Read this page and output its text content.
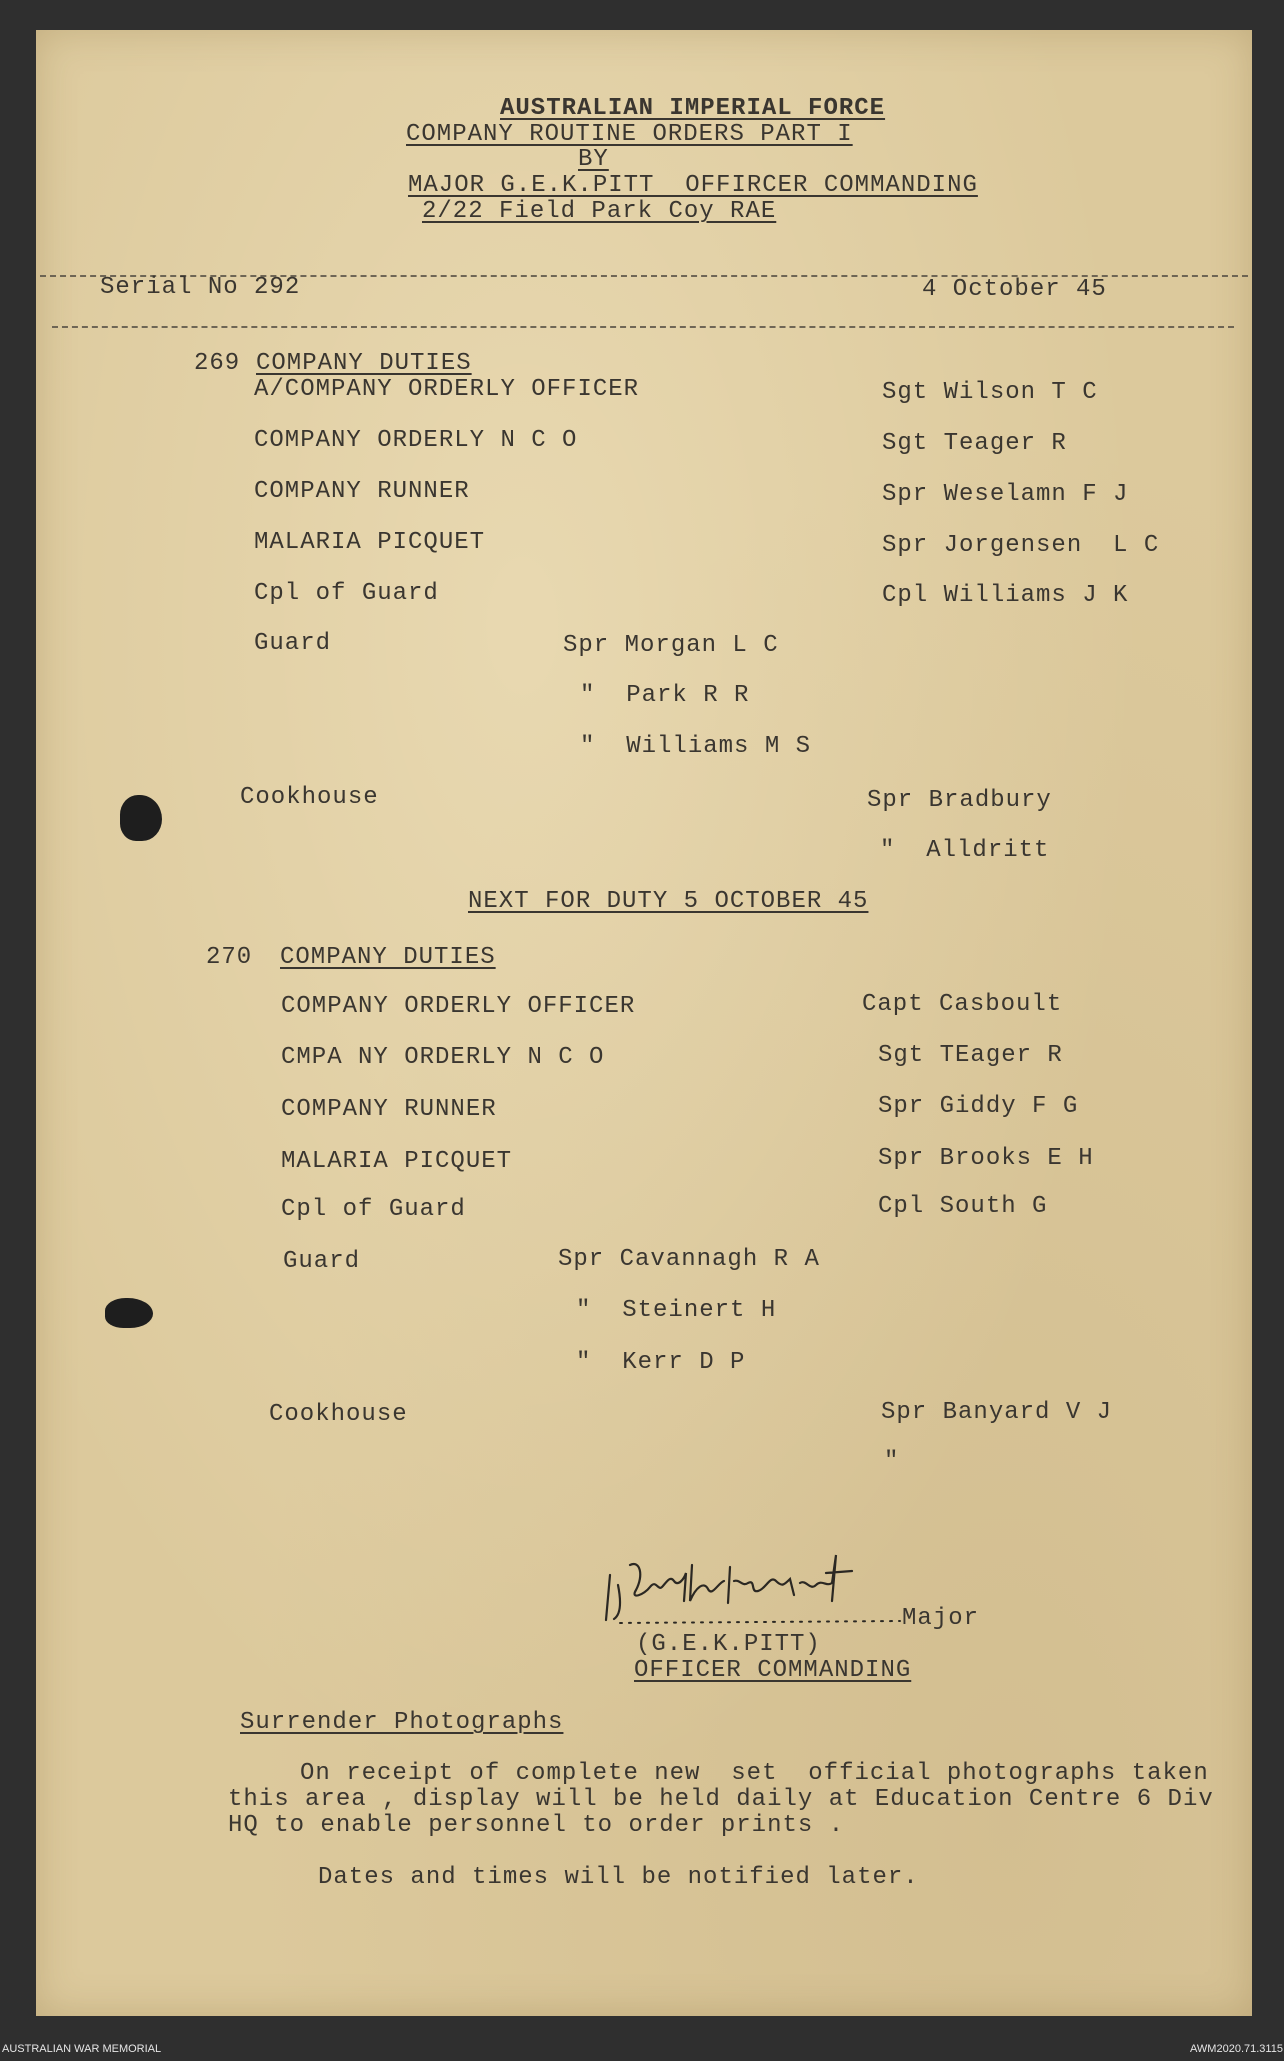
AUSTRALIAN IMPERIAL FORCE
COMPANY ROUTINE ORDERS PART I
BY
MAJOR G.E.K.PITT  OFFIRCER COMMANDING
2/22 Field Park Coy RAE
Serial No 292	4 October 45
269 COMPANY DUTIES
A/COMPANY ORDERLY OFFICER	Sgt Wilson T C
COMPANY ORDERLY N C O	Sgt Teager R
COMPANY RUNNER	Spr Weselamn F J
MALARIA PICQUET	Spr Jorgensen  L C
Cpl of Guard	Cpl Williams J K
Guard	Spr Morgan L C
"  Park R R
"  Williams M S
Cookhouse	Spr Bradbury
"  Alldritt
NEXT FOR DUTY 5 OCTOBER 45
270 COMPANY DUTIES
COMPANY ORDERLY OFFICER	Capt Casboult
CMPA NY ORDERLY N C O	Sgt TEager R
COMPANY RUNNER	Spr Giddy F G
MALARIA PICQUET	Spr Brooks E H
Cpl of Guard	Cpl South G
Guard	Spr Cavannagh R A
"  Steinert H
"  Kerr D P
Cookhouse	Spr Banyard V J
"
Major
(G.E.K.PITT)
OFFICER COMMANDING
Surrender Photographs
On receipt of complete new  set  official photographs taken
this area , display will be held daily at Education Centre 6 Div
HQ to enable personnel to order prints .
Dates and times will be notified later.
AUSTRALIAN WAR MEMORIAL	AWM2020.71.3115
